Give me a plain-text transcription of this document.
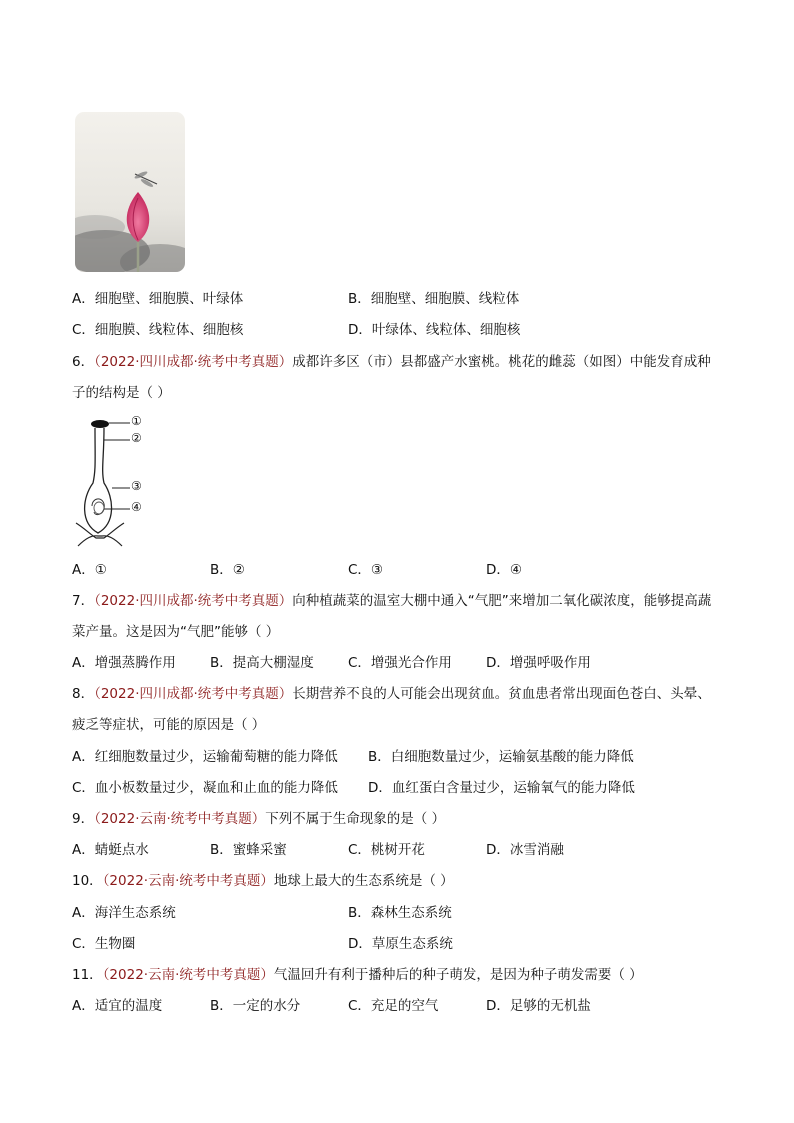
A．细胞壁、细胞膜、叶绿体	B．细胞壁、细胞膜、线粒体
C．细胞膜、线粒体、细胞核	D．叶绿体、线粒体、细胞核
6．（2022·四川成都·统考中考真题）成都许多区（市）县都盛产水蜜桃。桃花的雌蕊（如图）中能发育成种
子的结构是（ ）
①
②
③
④
A．①	B．②	C．③	D．④
7．（2022·四川成都·统考中考真题）向种植蔬菜的温室大棚中通入“气肥”来增加二氧化碳浓度，能够提高蔬
菜产量。这是因为“气肥”能够（ ）
A．增强蒸腾作用	B．提高大棚湿度	C．增强光合作用	D．增强呼吸作用
8．（2022·四川成都·统考中考真题）长期营养不良的人可能会出现贫血。贫血患者常出现面色苍白、头晕、
疲乏等症状，可能的原因是（ ）
A．红细胞数量过少，运输葡萄糖的能力降低 B．白细胞数量过少，运输氨基酸的能力降低
C．血小板数量过少，凝血和止血的能力降低 D．血红蛋白含量过少，运输氧气的能力降低
9．（2022·云南·统考中考真题）下列不属于生命现象的是（ ）
A．蜻蜓点水	B．蜜蜂采蜜	C．桃树开花	D．冰雪消融
10．（2022·云南·统考中考真题）地球上最大的生态系统是（ ）
A．海洋生态系统	B．森林生态系统
C．生物圈	D．草原生态系统
11．（2022·云南·统考中考真题）气温回升有利于播种后的种子萌发，是因为种子萌发需要（ ）
A．适宜的温度	B．一定的水分	C．充足的空气	D．足够的无机盐
